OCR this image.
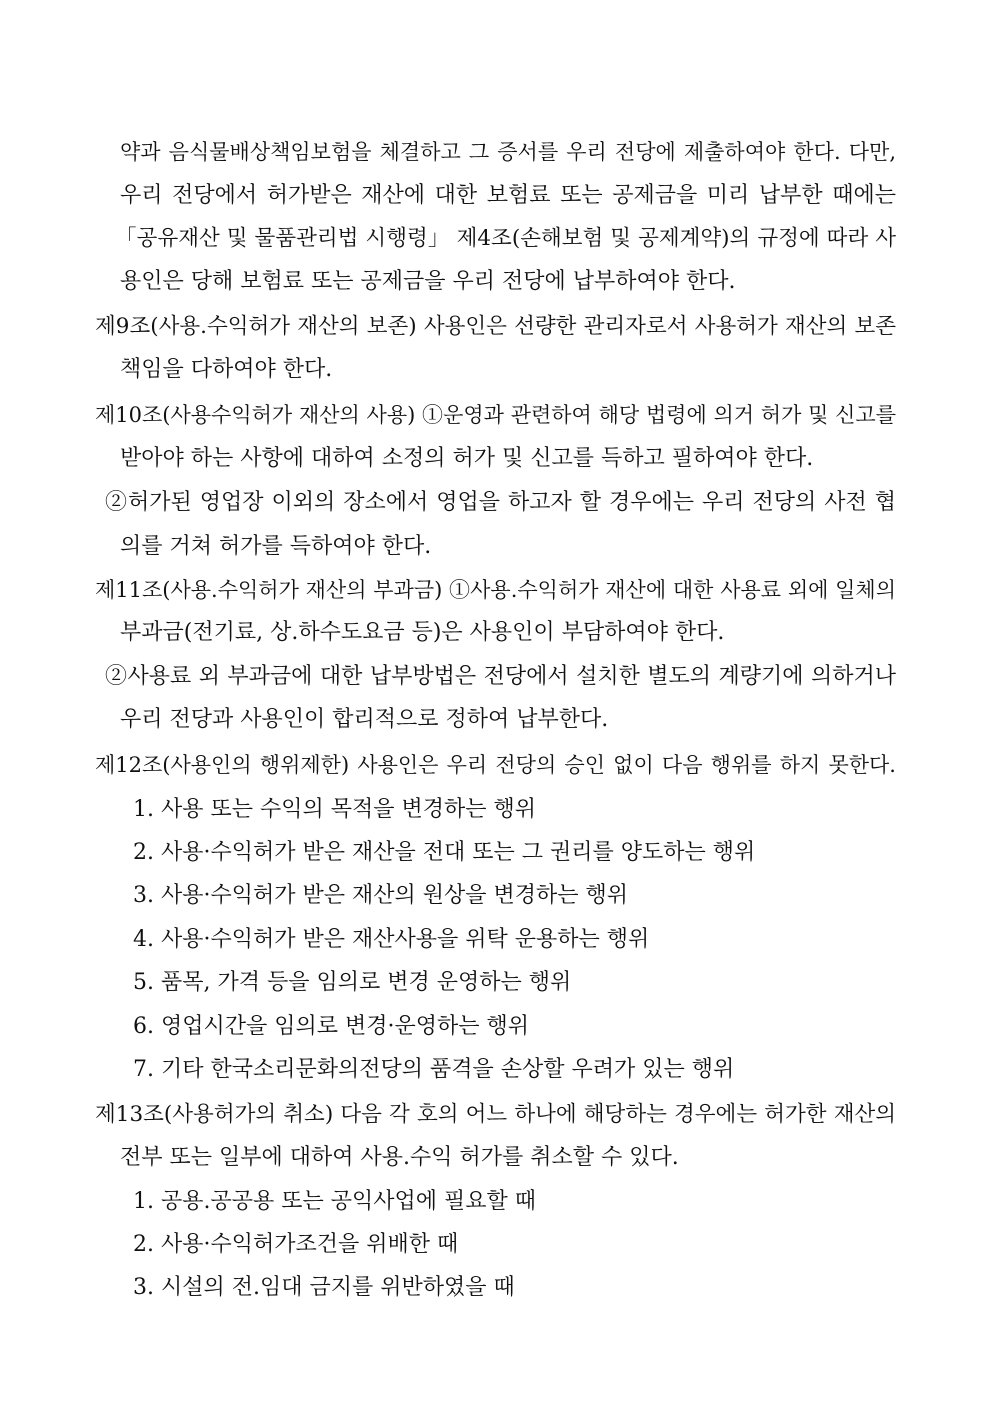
약과 음식물배상책임보험을 체결하고 그 증서를 우리 전당에 제출하여야 한다. 다만,
우리 전당에서 허가받은 재산에 대한 보험료 또는 공제금을 미리 납부한 때에는
「공유재산 및 물품관리법 시행령」 제4조(손해보험 및 공제계약)의 규정에 따라 사
용인은 당해 보험료 또는 공제금을 우리 전당에 납부하여야 한다.
제9조(사용.수익허가 재산의 보존) 사용인은 선량한 관리자로서 사용허가 재산의 보존
책임을 다하여야 한다.
제10조(사용수익허가 재산의 사용) ①운영과 관련하여 해당 법령에 의거 허가 및 신고를
받아야 하는 사항에 대하여 소정의 허가 및 신고를 득하고 필하여야 한다.
②허가된 영업장 이외의 장소에서 영업을 하고자 할 경우에는 우리 전당의 사전 협
의를 거쳐 허가를 득하여야 한다.
제11조(사용.수익허가 재산의 부과금) ①사용.수익허가 재산에 대한 사용료 외에 일체의
부과금(전기료, 상.하수도요금 등)은 사용인이 부담하여야 한다.
②사용료 외 부과금에 대한 납부방법은 전당에서 설치한 별도의 계량기에 의하거나
우리 전당과 사용인이 합리적으로 정하여 납부한다.
제12조(사용인의 행위제한) 사용인은 우리 전당의 승인 없이 다음 행위를 하지 못한다.
1. 사용 또는 수익의 목적을 변경하는 행위
2. 사용·수익허가 받은 재산을 전대 또는 그 권리를 양도하는 행위
3. 사용·수익허가 받은 재산의 원상을 변경하는 행위
4. 사용·수익허가 받은 재산사용을 위탁 운용하는 행위
5. 품목, 가격 등을 임의로 변경 운영하는 행위
6. 영업시간을 임의로 변경·운영하는 행위
7. 기타 한국소리문화의전당의 품격을 손상할 우려가 있는 행위
제13조(사용허가의 취소) 다음 각 호의 어느 하나에 해당하는 경우에는 허가한 재산의
전부 또는 일부에 대하여 사용.수익 허가를 취소할 수 있다.
1. 공용.공공용 또는 공익사업에 필요할 때
2. 사용·수익허가조건을 위배한 때
3. 시설의 전.임대 금지를 위반하였을 때
